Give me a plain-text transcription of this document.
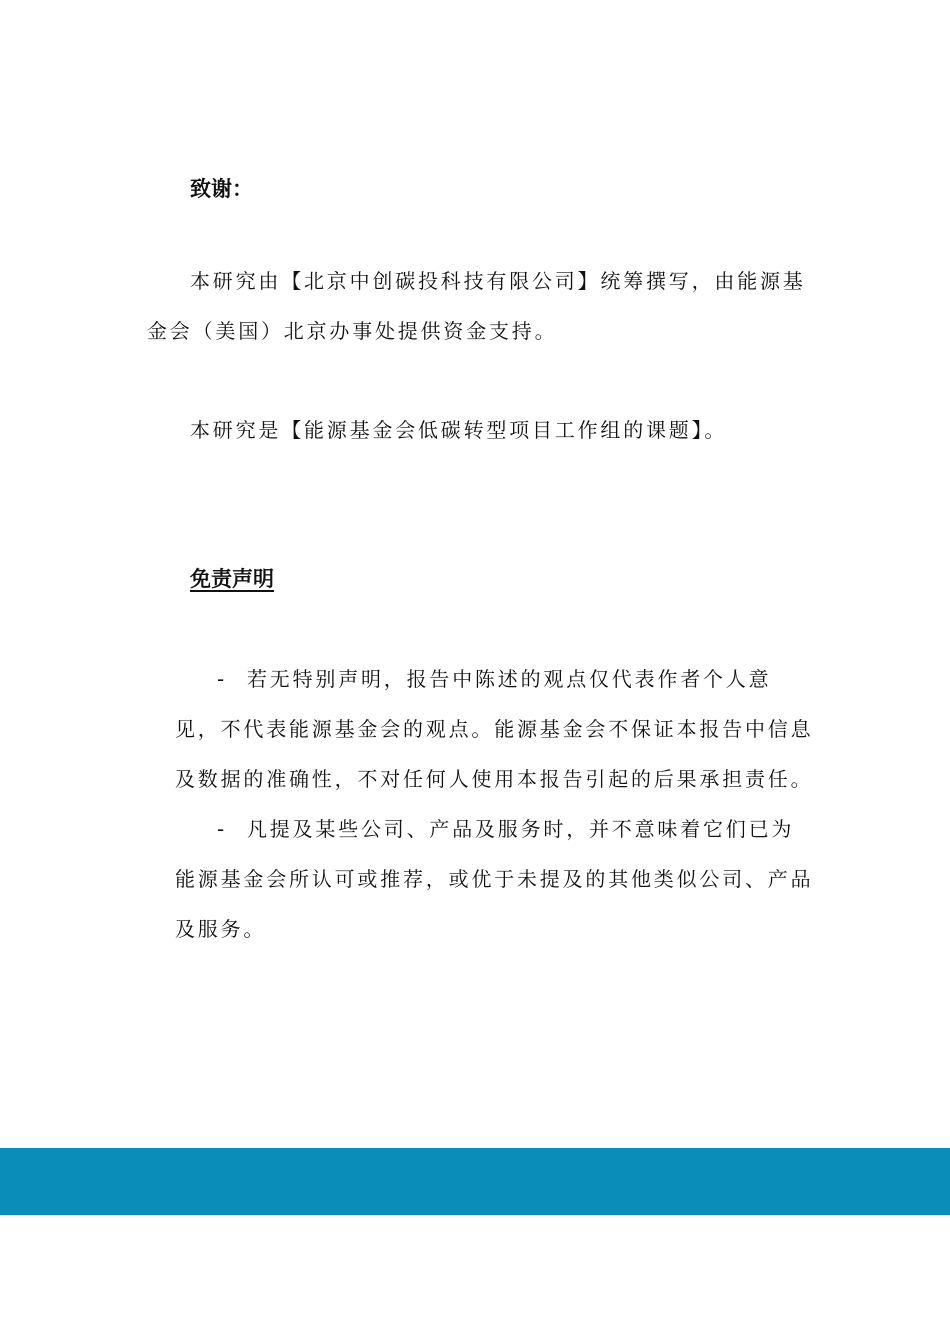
致谢：
本研究由【北京中创碳投科技有限公司】统筹撰写，由能源基金会（美国）北京办事处提供资金支持。
本研究是【能源基金会低碳转型项目工作组的课题】。
免责声明
- 若无特别声明，报告中陈述的观点仅代表作者个人意见，不代表能源基金会的观点。能源基金会不保证本报告中信息及数据的准确性，不对任何人使用本报告引起的后果承担责任。
- 凡提及某些公司、产品及服务时，并不意味着它们已为能源基金会所认可或推荐，或优于未提及的其他类似公司、产品及服务。
